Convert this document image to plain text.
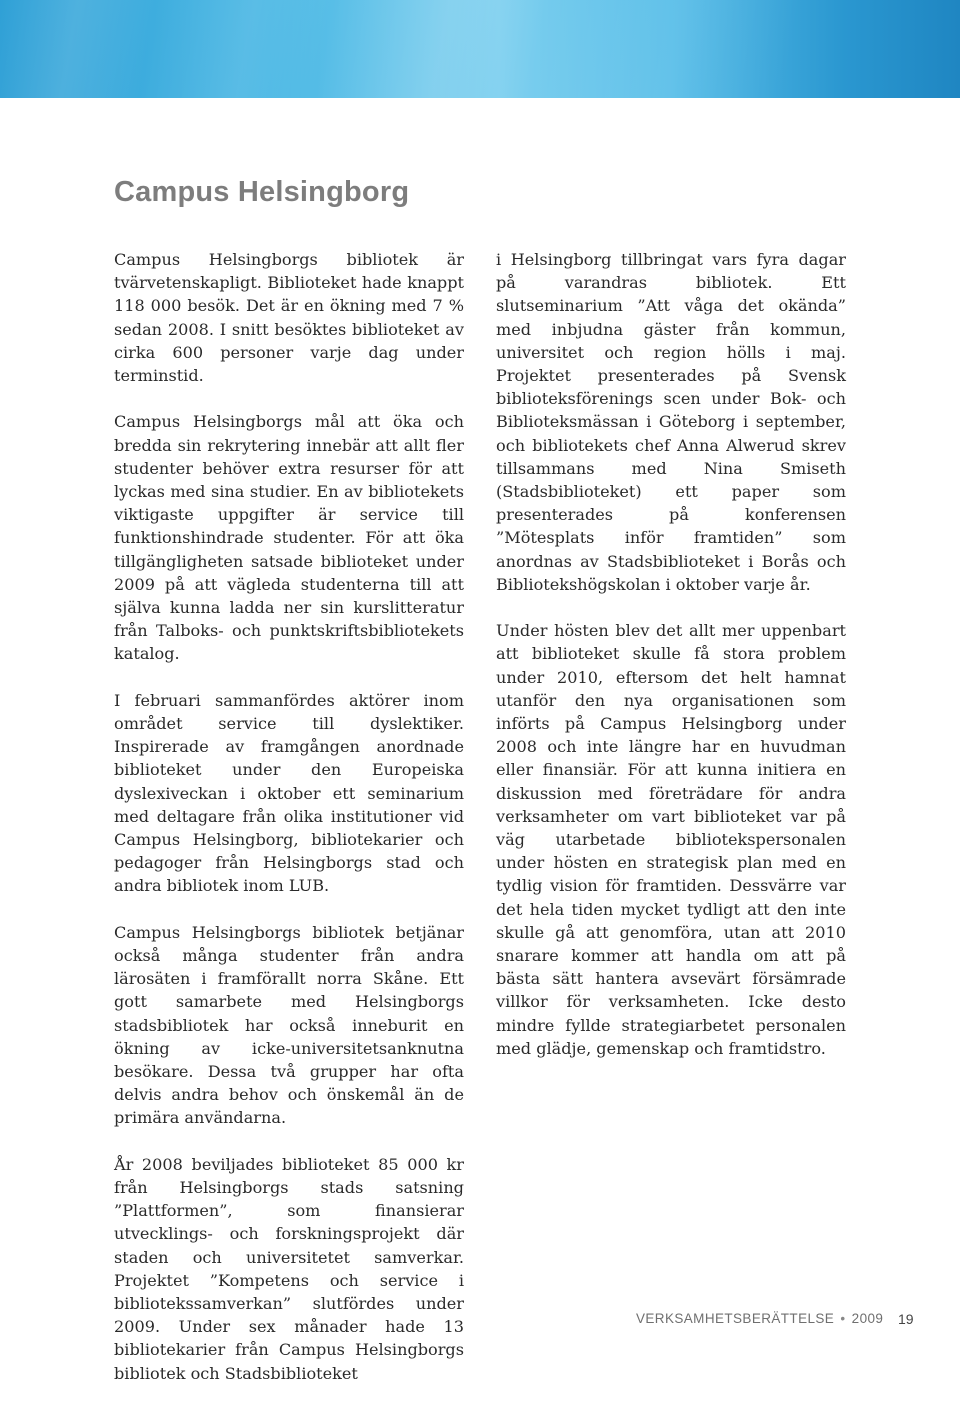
Campus Helsingborg

Campus Helsingborgs bibliotek är tvärvetenskapligt. Biblioteket hade knappt 118 000 besök. Det är en ökning med 7 % sedan 2008. I snitt besöktes biblioteket av cirka 600 personer varje dag under terminstid.

Campus Helsingborgs mål att öka och bredda sin rekrytering innebär att allt fler studenter behöver extra resurser för att lyckas med sina studier. En av bibliotekets viktigaste uppgifter är service till funktionshindrade studenter. För att öka tillgängligheten satsade biblioteket under 2009 på att vägleda studenterna till att själva kunna ladda ner sin kurslitteratur från Talboks- och punktskriftsbibliotekets katalog.

I februari sammanfördes aktörer inom området service till dyslektiker. Inspirerade av framgången anordnade biblioteket under den Europeiska dyslexiveckan i oktober ett seminarium med deltagare från olika institutioner vid Campus Helsingborg, bibliotekarier och pedagoger från Helsingborgs stad och andra bibliotek inom LUB.

Campus Helsingborgs bibliotek betjänar också många studenter från andra lärosäten i framförallt norra Skåne. Ett gott samarbete med Helsingborgs stadsbibliotek har också inneburit en ökning av icke-universitetsanknutna besökare. Dessa två grupper har ofta delvis andra behov och önskemål än de primära användarna.

År 2008 beviljades biblioteket 85 000 kr från Helsingborgs stads satsning ”Plattformen”, som finansierar utvecklings- och forskningsprojekt där staden och universitetet samverkar. Projektet ”Kompetens och service i bibliotekssamverkan” slutfördes under 2009. Under sex månader hade 13 bibliotekarier från Campus Helsingborgs bibliotek och Stadsbiblioteket

i Helsingborg tillbringat vars fyra dagar på varandras bibliotek. Ett slutseminarium ”Att våga det okända” med inbjudna gäster från kommun, universitet och region hölls i maj. Projektet presenterades på Svensk biblioteksförenings scen under Bok- och Biblioteksmässan i Göteborg i september, och bibliotekets chef Anna Alwerud skrev tillsammans med Nina Smiseth (Stadsbiblioteket) ett paper som presenterades på konferensen ”Mötesplats inför framtiden” som anordnas av Stadsbiblioteket i Borås och Bibliotekshögskolan i oktober varje år.

Under hösten blev det allt mer uppenbart att biblioteket skulle få stora problem under 2010, eftersom det helt hamnat utanför den nya organisationen som införts på Campus Helsingborg under 2008 och inte längre har en huvudman eller finansiär. För att kunna initiera en diskussion med företrädare för andra verksamheter om vart biblioteket var på väg utarbetade bibliotekspersonalen under hösten en strategisk plan med en tydlig vision för framtiden. Dessvärre var det hela tiden mycket tydligt att den inte skulle gå att genomföra, utan att 2010 snarare kommer att handla om att på bästa sätt hantera avsevärt försämrade villkor för verksamheten. Icke desto mindre fyllde strategiarbetet personalen med glädje, gemenskap och framtidstro.

VERKSAMHETSBERÄTTELSE • 2009 19
